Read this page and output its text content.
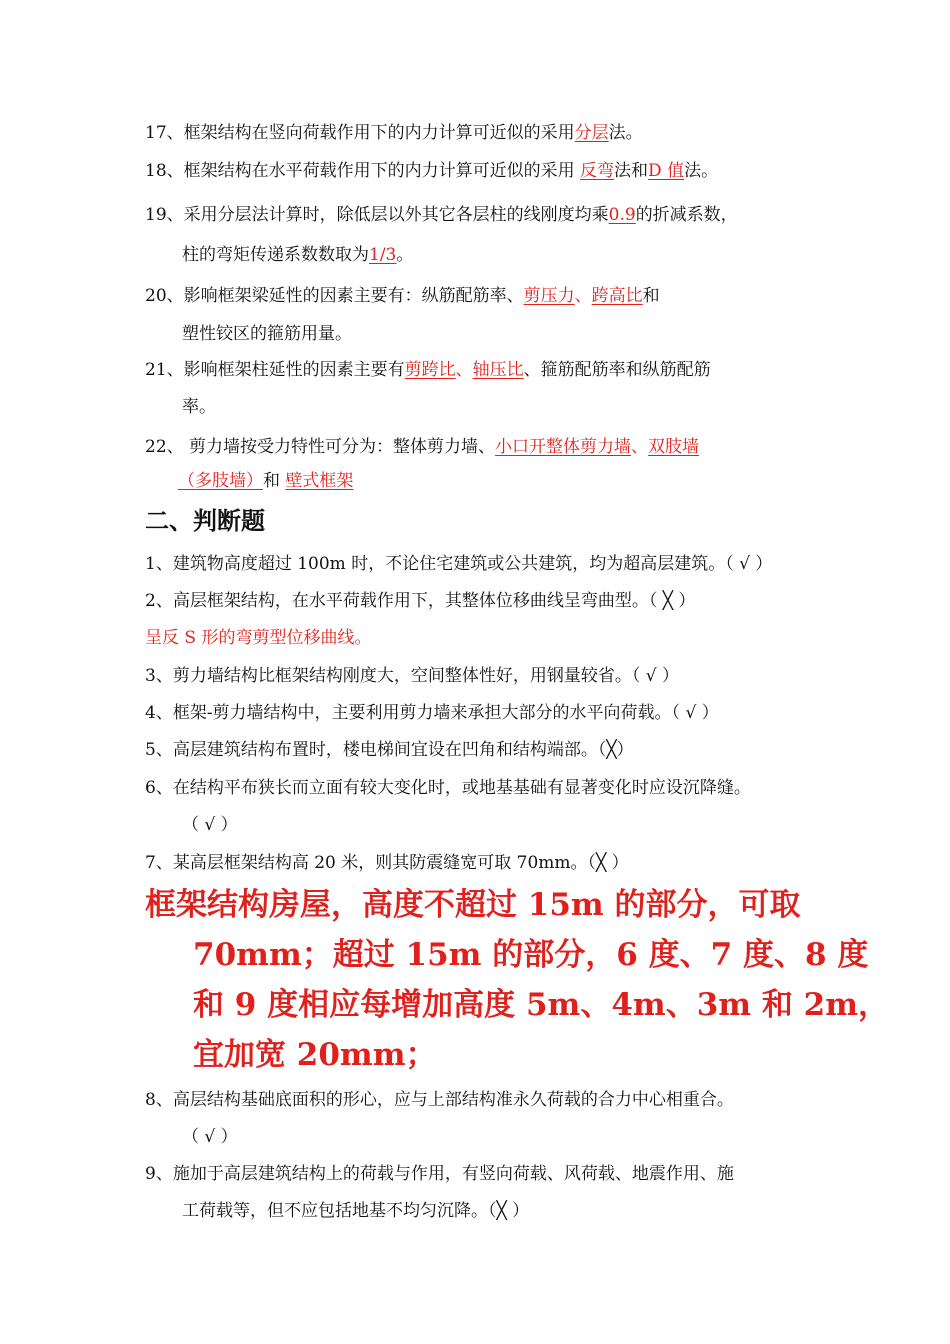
17、框架结构在竖向荷载作用下的内力计算可近似的采用分层法。
18、框架结构在水平荷载作用下的内力计算可近似的采用 反弯法和D 值法。
19、采用分层法计算时，除低层以外其它各层柱的线刚度均乘0.9的折减系数，
柱的弯矩传递系数数取为1/3。
20、影响框架梁延性的因素主要有：纵筋配筋率、剪压力、跨高比和
塑性铰区的箍筋用量。
21、影响框架柱延性的因素主要有剪跨比、轴压比、箍筋配筋率和纵筋配筋
率。
22、 剪力墙按受力特性可分为：整体剪力墙、小口开整体剪力墙、双肢墙
（多肢墙）和 壁式框架
二、判断题
1、建筑物高度超过 100m 时，不论住宅建筑或公共建筑，均为超高层建筑。（ √ ）
2、高层框架结构，在水平荷载作用下，其整体位移曲线呈弯曲型。（ ╳ ）
呈反 S 形的弯剪型位移曲线。
3、剪力墙结构比框架结构刚度大，空间整体性好，用钢量较省。（ √ ）
4、框架-剪力墙结构中，主要利用剪力墙来承担大部分的水平向荷载。（ √ ）
5、高层建筑结构布置时，楼电梯间宜设在凹角和结构端部。（╳）
6、在结构平布狭长而立面有较大变化时，或地基基础有显著变化时应设沉降缝。
（ √ ）
7、某高层框架结构高 20 米，则其防震缝宽可取 70mm。（╳ ）
框架结构房屋，高度不超过 15m 的部分，可取
70mm；超过 15m 的部分，6 度、7 度、8 度
和 9 度相应每增加高度 5m、4m、3m 和 2m，
宜加宽 20mm；
8、高层结构基础底面积的形心，应与上部结构准永久荷载的合力中心相重合。
（ √ ）
9、施加于高层建筑结构上的荷载与作用，有竖向荷载、风荷载、地震作用、施
工荷载等，但不应包括地基不均匀沉降。（╳ ）
